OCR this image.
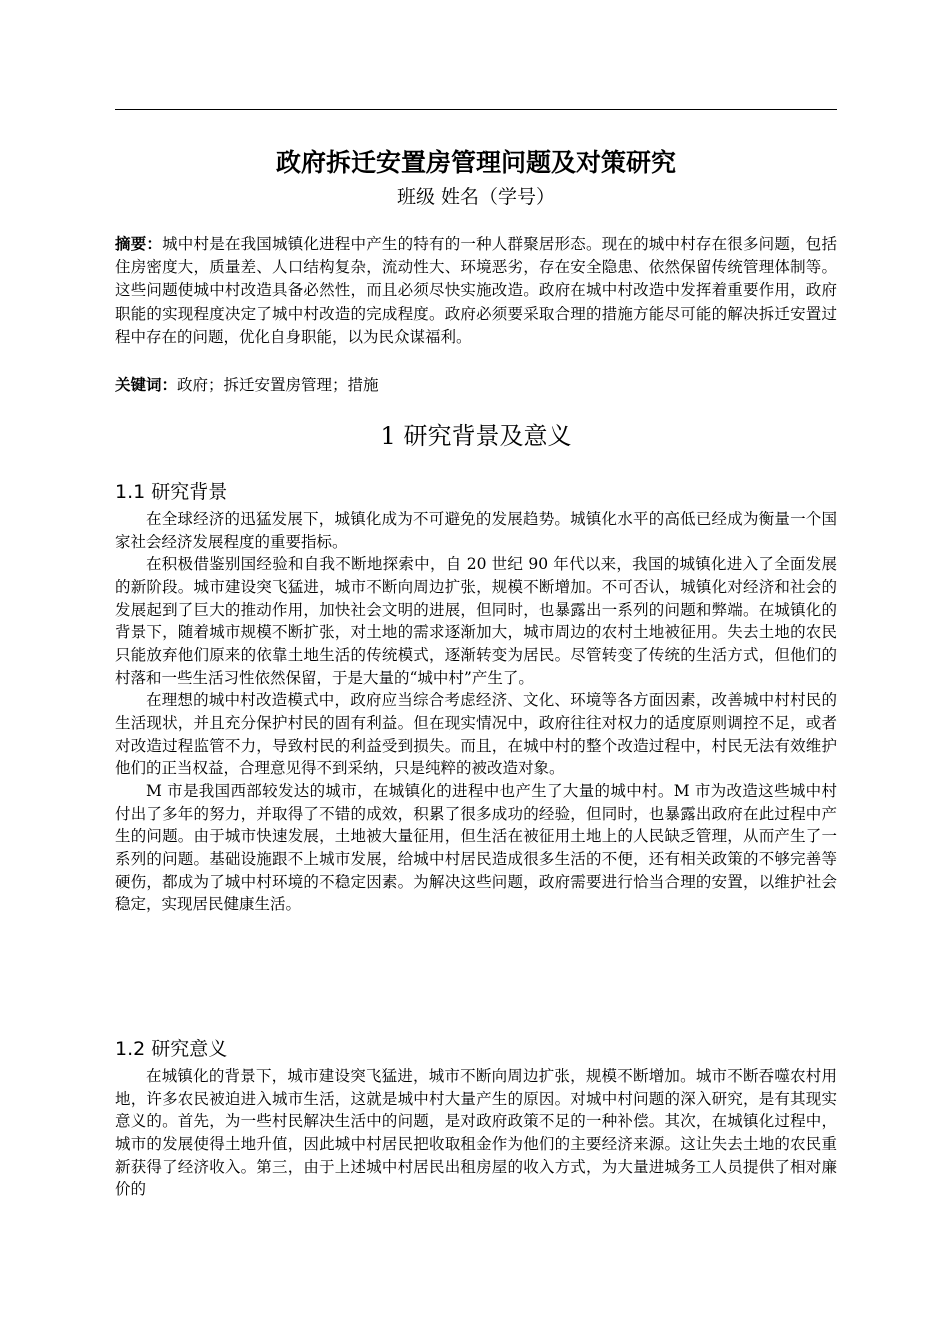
政府拆迁安置房管理问题及对策研究
班级 姓名（学号）
摘要：城中村是在我国城镇化进程中产生的特有的一种人群聚居形态。现在的城中村存在很多问题，包括住房密度大，质量差、人口结构复杂，流动性大、环境恶劣，存在安全隐患、依然保留传统管理体制等。这些问题使城中村改造具备必然性，而且必须尽快实施改造。政府在城中村改造中发挥着重要作用，政府职能的实现程度决定了城中村改造的完成程度。政府必须要采取合理的措施方能尽可能的解决拆迁安置过程中存在的问题，优化自身职能，以为民众谋福利。
关键词：政府；拆迁安置房管理；措施
1 研究背景及意义
1.1 研究背景

在全球经济的迅猛发展下，城镇化成为不可避免的发展趋势。城镇化水平的高低已经成为衡量一个国家社会经济发展程度的重要指标。

在积极借鉴别国经验和自我不断地探索中，自 20 世纪 90 年代以来，我国的城镇化进入了全面发展的新阶段。城市建设突飞猛进，城市不断向周边扩张，规模不断增加。不可否认，城镇化对经济和社会的发展起到了巨大的推动作用，加快社会文明的进展，但同时，也暴露出一系列的问题和弊端。在城镇化的背景下，随着城市规模不断扩张，对土地的需求逐渐加大，城市周边的农村土地被征用。失去土地的农民只能放弃他们原来的依靠土地生活的传统模式，逐渐转变为居民。尽管转变了传统的生活方式，但他们的村落和一些生活习性依然保留，于是大量的“城中村”产生了。

在理想的城中村改造模式中，政府应当综合考虑经济、文化、环境等各方面因素，改善城中村村民的生活现状，并且充分保护村民的固有利益。但在现实情况中，政府往往对权力的适度原则调控不足，或者对改造过程监管不力，导致村民的利益受到损失。而且，在城中村的整个改造过程中，村民无法有效维护他们的正当权益，合理意见得不到采纳，只是纯粹的被改造对象。

M 市是我国西部较发达的城市，在城镇化的进程中也产生了大量的城中村。M 市为改造这些城中村付出了多年的努力，并取得了不错的成效，积累了很多成功的经验，但同时，也暴露出政府在此过程中产生的问题。由于城市快速发展，土地被大量征用，但生活在被征用土地上的人民缺乏管理，从而产生了一系列的问题。基础设施跟不上城市发展，给城中村居民造成很多生活的不便，还有相关政策的不够完善等硬伤，都成为了城中村环境的不稳定因素。为解决这些问题，政府需要进行恰当合理的安置，以维护社会稳定，实现居民健康生活。

1.2 研究意义

在城镇化的背景下，城市建设突飞猛进，城市不断向周边扩张，规模不断增加。城市不断吞噬农村用地，许多农民被迫进入城市生活，这就是城中村大量产生的原因。对城中村问题的深入研究，是有其现实意义的。首先，为一些村民解决生活中的问题，是对政府政策不足的一种补偿。其次，在城镇化过程中，城市的发展使得土地升值，因此城中村居民把收取租金作为他们的主要经济来源。这让失去土地的农民重新获得了经济收入。第三，由于上述城中村居民出租房屋的收入方式，为大量进城务工人员提供了相对廉价的
